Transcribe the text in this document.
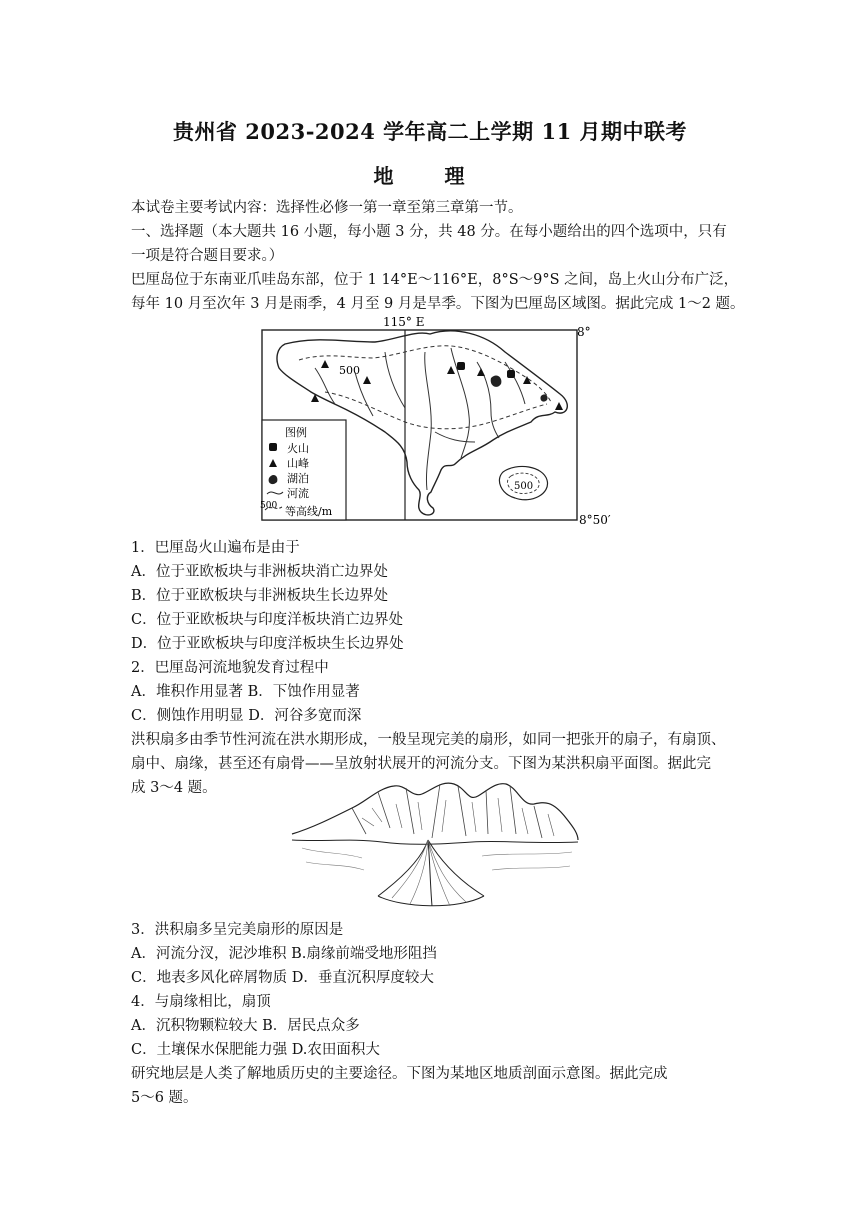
贵州省 2023-2024 学年高二上学期 11 月期中联考
地 理
本试卷主要考试内容：选择性必修一第一章至第三章第一节。
一、选择题（本大题共 16 小题，每小题 3 分，共 48 分。在每小题给出的四个选项中，只有
一项是符合题目要求。）
巴厘岛位于东南亚爪哇岛东部，位于 1 14°E～116°E，8°S～9°S 之间，岛上火山分布广泛，
每年 10 月至次年 3 月是雨季，4 月至 9 月是旱季。下图为巴厘岛区域图。据此完成 1～2 题。
115° E
8°
8°50′
500
500
图例
火山
山峰
湖泊
河流
500 等高线/m
1．巴厘岛火山遍布是由于
A．位于亚欧板块与非洲板块消亡边界处
B．位于亚欧板块与非洲板块生长边界处
C．位于亚欧板块与印度洋板块消亡边界处
D．位于亚欧板块与印度洋板块生长边界处
2．巴厘岛河流地貌发育过程中
A．堆积作用显著 B．下蚀作用显著
C．侧蚀作用明显 D．河谷多宽而深
洪积扇多由季节性河流在洪水期形成，一般呈现完美的扇形，如同一把张开的扇子，有扇顶、
扇中、扇缘，甚至还有扇骨——呈放射状展开的河流分支。下图为某洪积扇平面图。据此完
成 3～4 题。
3．洪积扇多呈完美扇形的原因是
A．河流分汊，泥沙堆积 B.扇缘前端受地形阻挡
C．地表多风化碎屑物质 D．垂直沉积厚度较大
4．与扇缘相比，扇顶
A．沉积物颗粒较大 B．居民点众多
C．土壤保水保肥能力强 D.农田面积大
研究地层是人类了解地质历史的主要途径。下图为某地区地质剖面示意图。据此完成
5～6 题。
